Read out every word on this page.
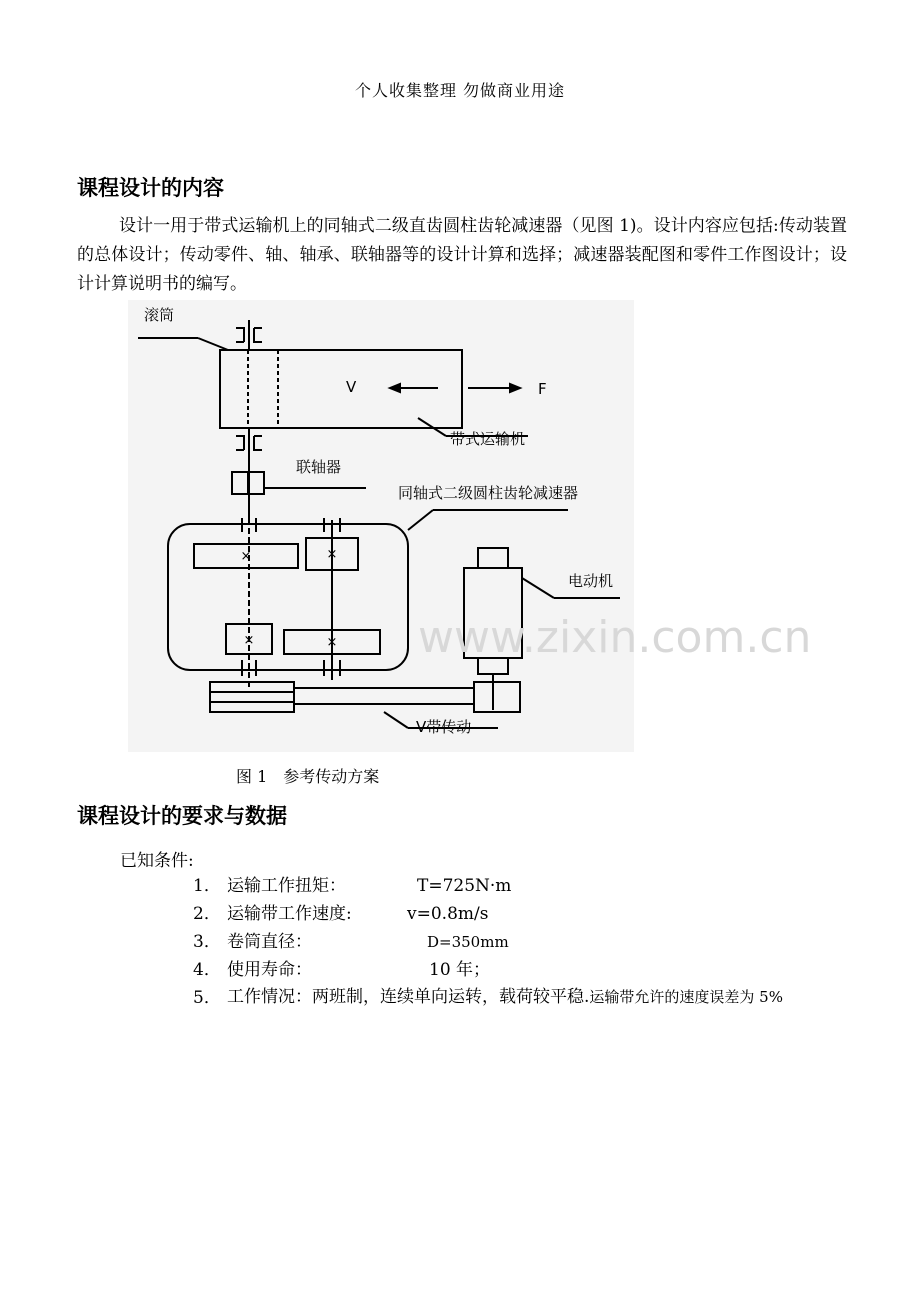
个人收集整理 勿做商业用途
课程设计的内容
设计一用于带式运输机上的同轴式二级直齿圆柱齿轮减速器（见图 1)。设计内容应包括:传动装置的总体设计；传动零件、轴、轴承、联轴器等的设计计算和选择；减速器装配图和零件工作图设计；设计计算说明书的编写。
×	×
×	×
滚筒
V	F
带式运输机
联轴器
同轴式二级圆柱齿轮减速器
电动机
V带传动
www.zixin.com.cn
图 1　参考传动方案
课程设计的要求与数据
已知条件:
1． 运输工作扭矩：	T=725N·m
2． 运输带工作速度:	v=0.8m/s
3． 卷筒直径：	D=350mm
4． 使用寿命：	10 年；
5． 工作情况：两班制，连续单向运转，载荷较平稳.运输带允许的速度误差为 5%
